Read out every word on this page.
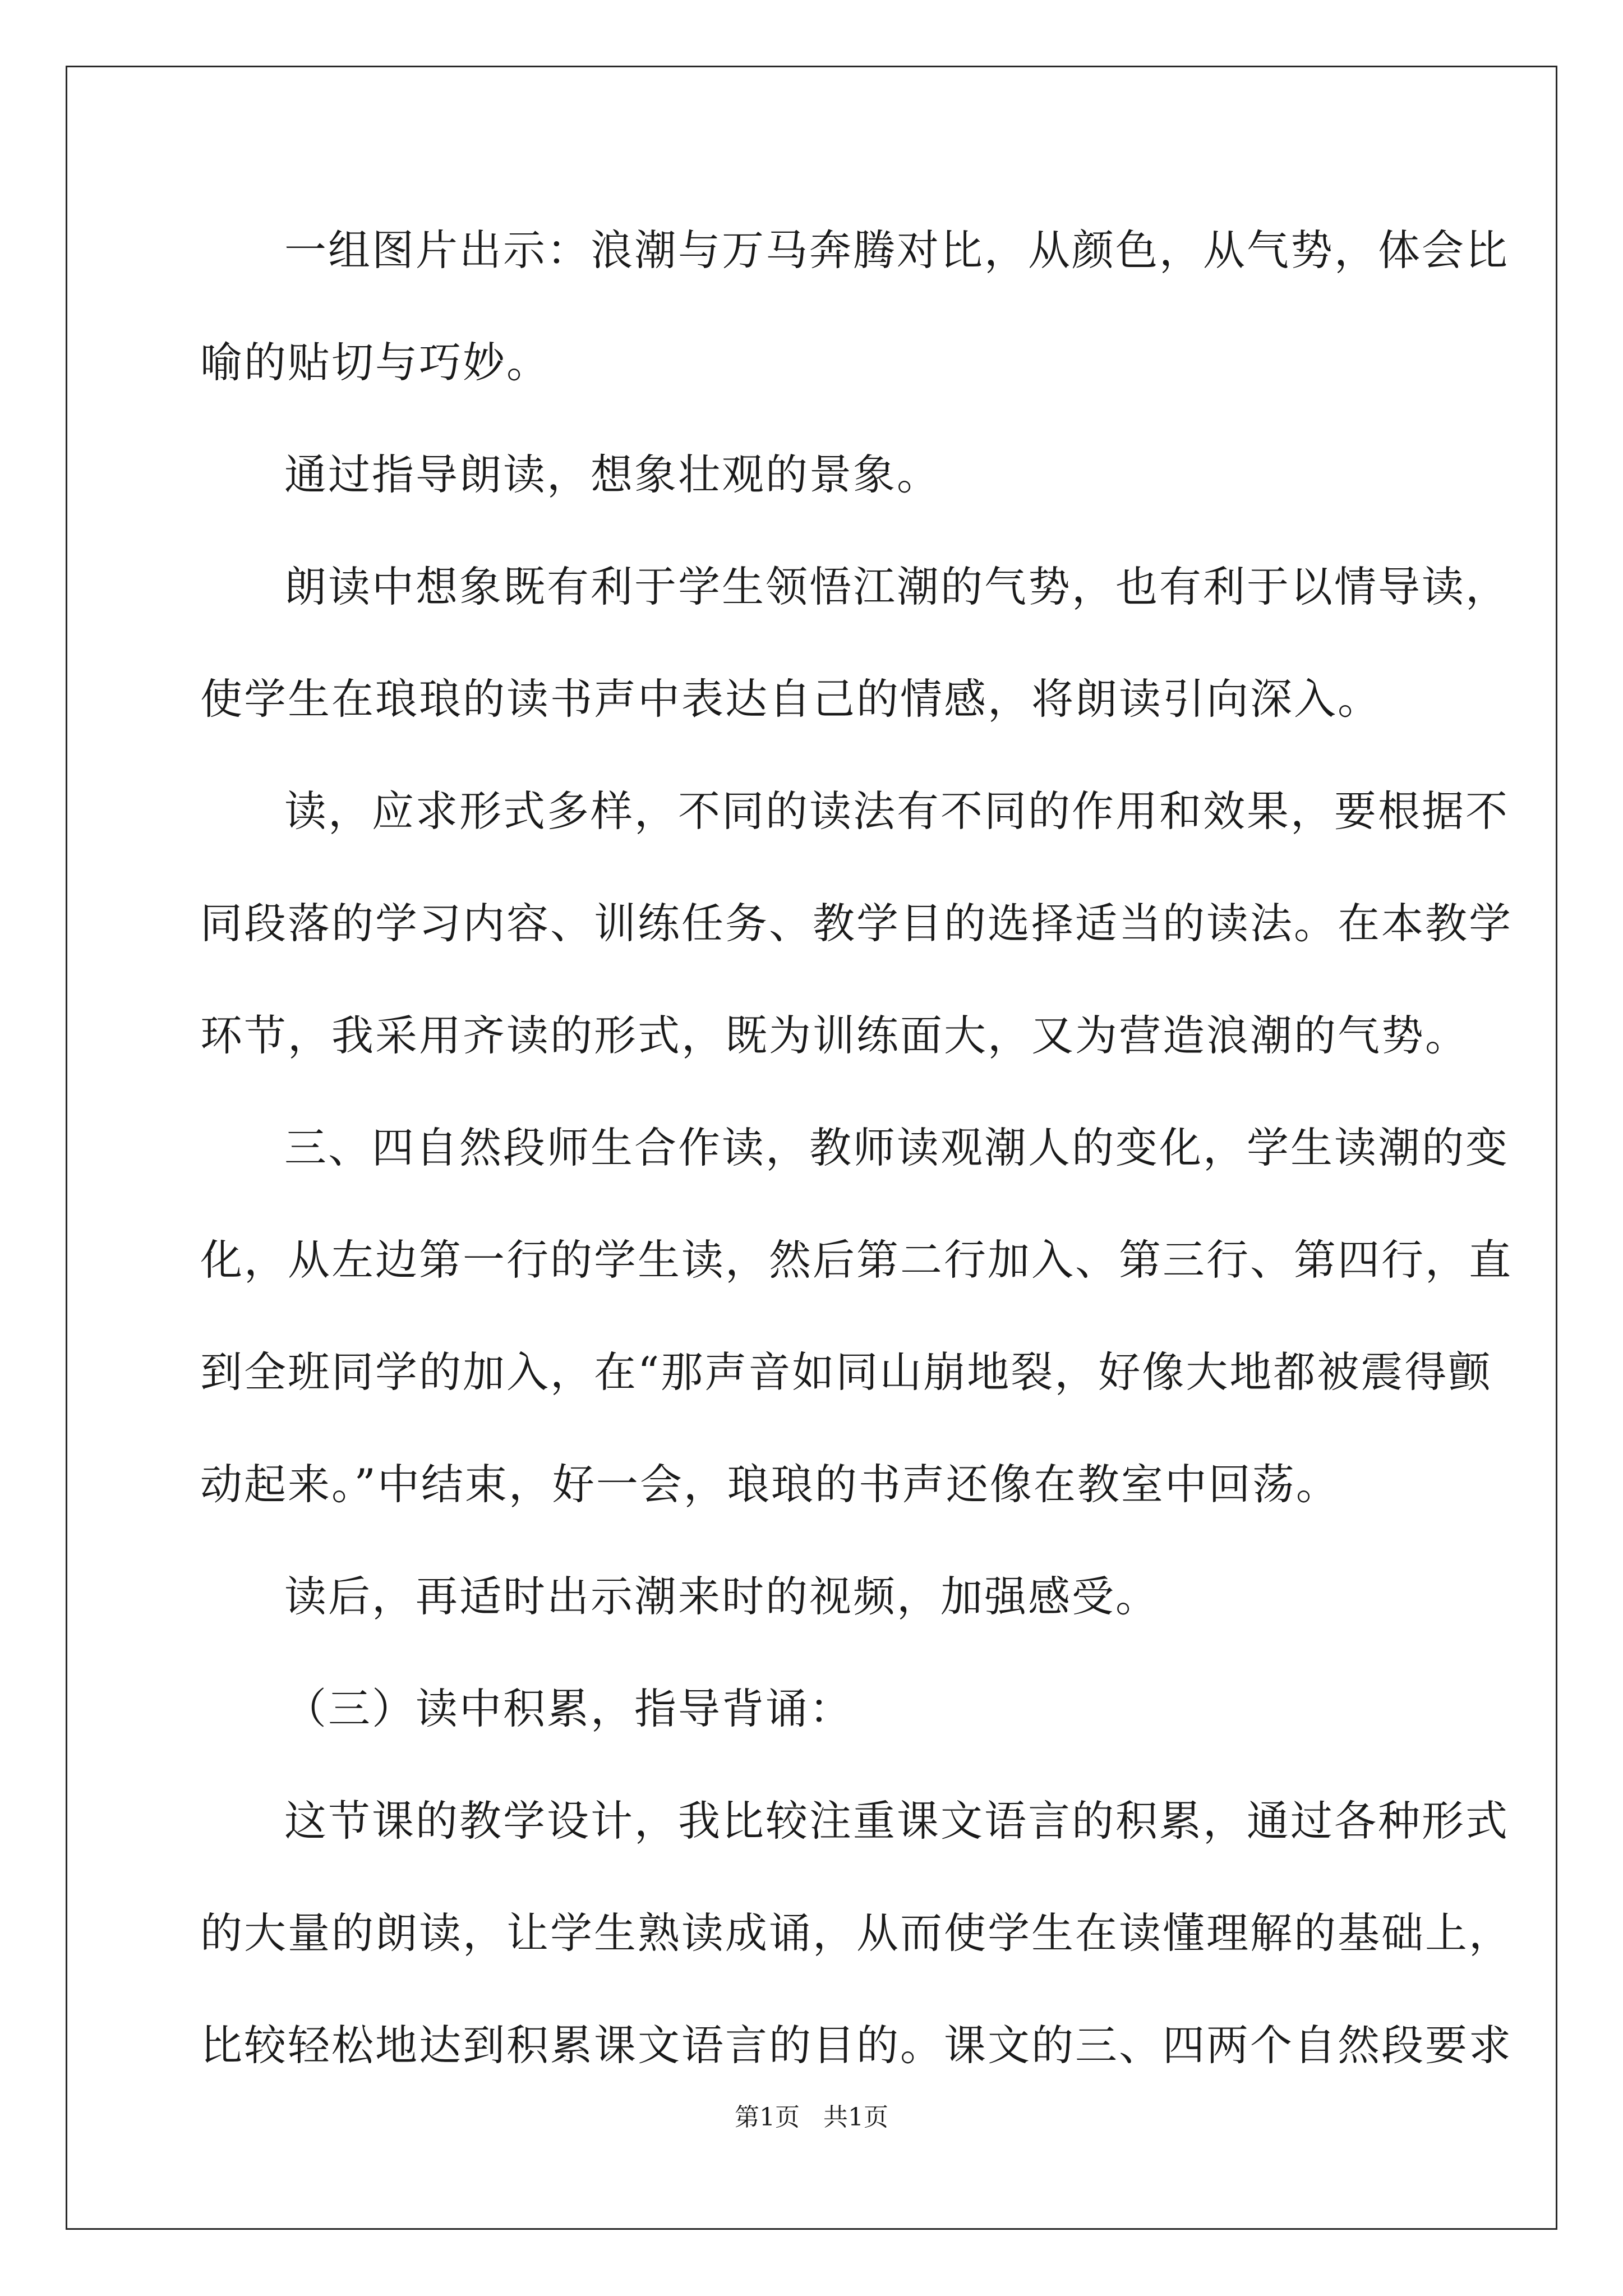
一组图片出示：浪潮与万马奔腾对比，从颜色，从气势，体会比
喻的贴切与巧妙。
通过指导朗读，想象壮观的景象。
朗读中想象既有利于学生领悟江潮的气势，也有利于以情导读，
使学生在琅琅的读书声中表达自己的情感，将朗读引向深入。
读，应求形式多样，不同的读法有不同的作用和效果，要根据不
同段落的学习内容、训练任务、教学目的选择适当的读法。在本教学
环节，我采用齐读的形式，既为训练面大，又为营造浪潮的气势。
三、四自然段师生合作读，教师读观潮人的变化，学生读潮的变
化，从左边第一行的学生读，然后第二行加入、第三行、第四行，直
到全班同学的加入，在“那声音如同山崩地裂，好像大地都被震得颤
动起来。”中结束，好一会，琅琅的书声还像在教室中回荡。
读后，再适时出示潮来时的视频，加强感受。
（三）读中积累，指导背诵：
这节课的教学设计，我比较注重课文语言的积累，通过各种形式
的大量的朗读，让学生熟读成诵，从而使学生在读懂理解的基础上，
比较轻松地达到积累课文语言的目的。课文的三、四两个自然段要求
第1页   共1页
